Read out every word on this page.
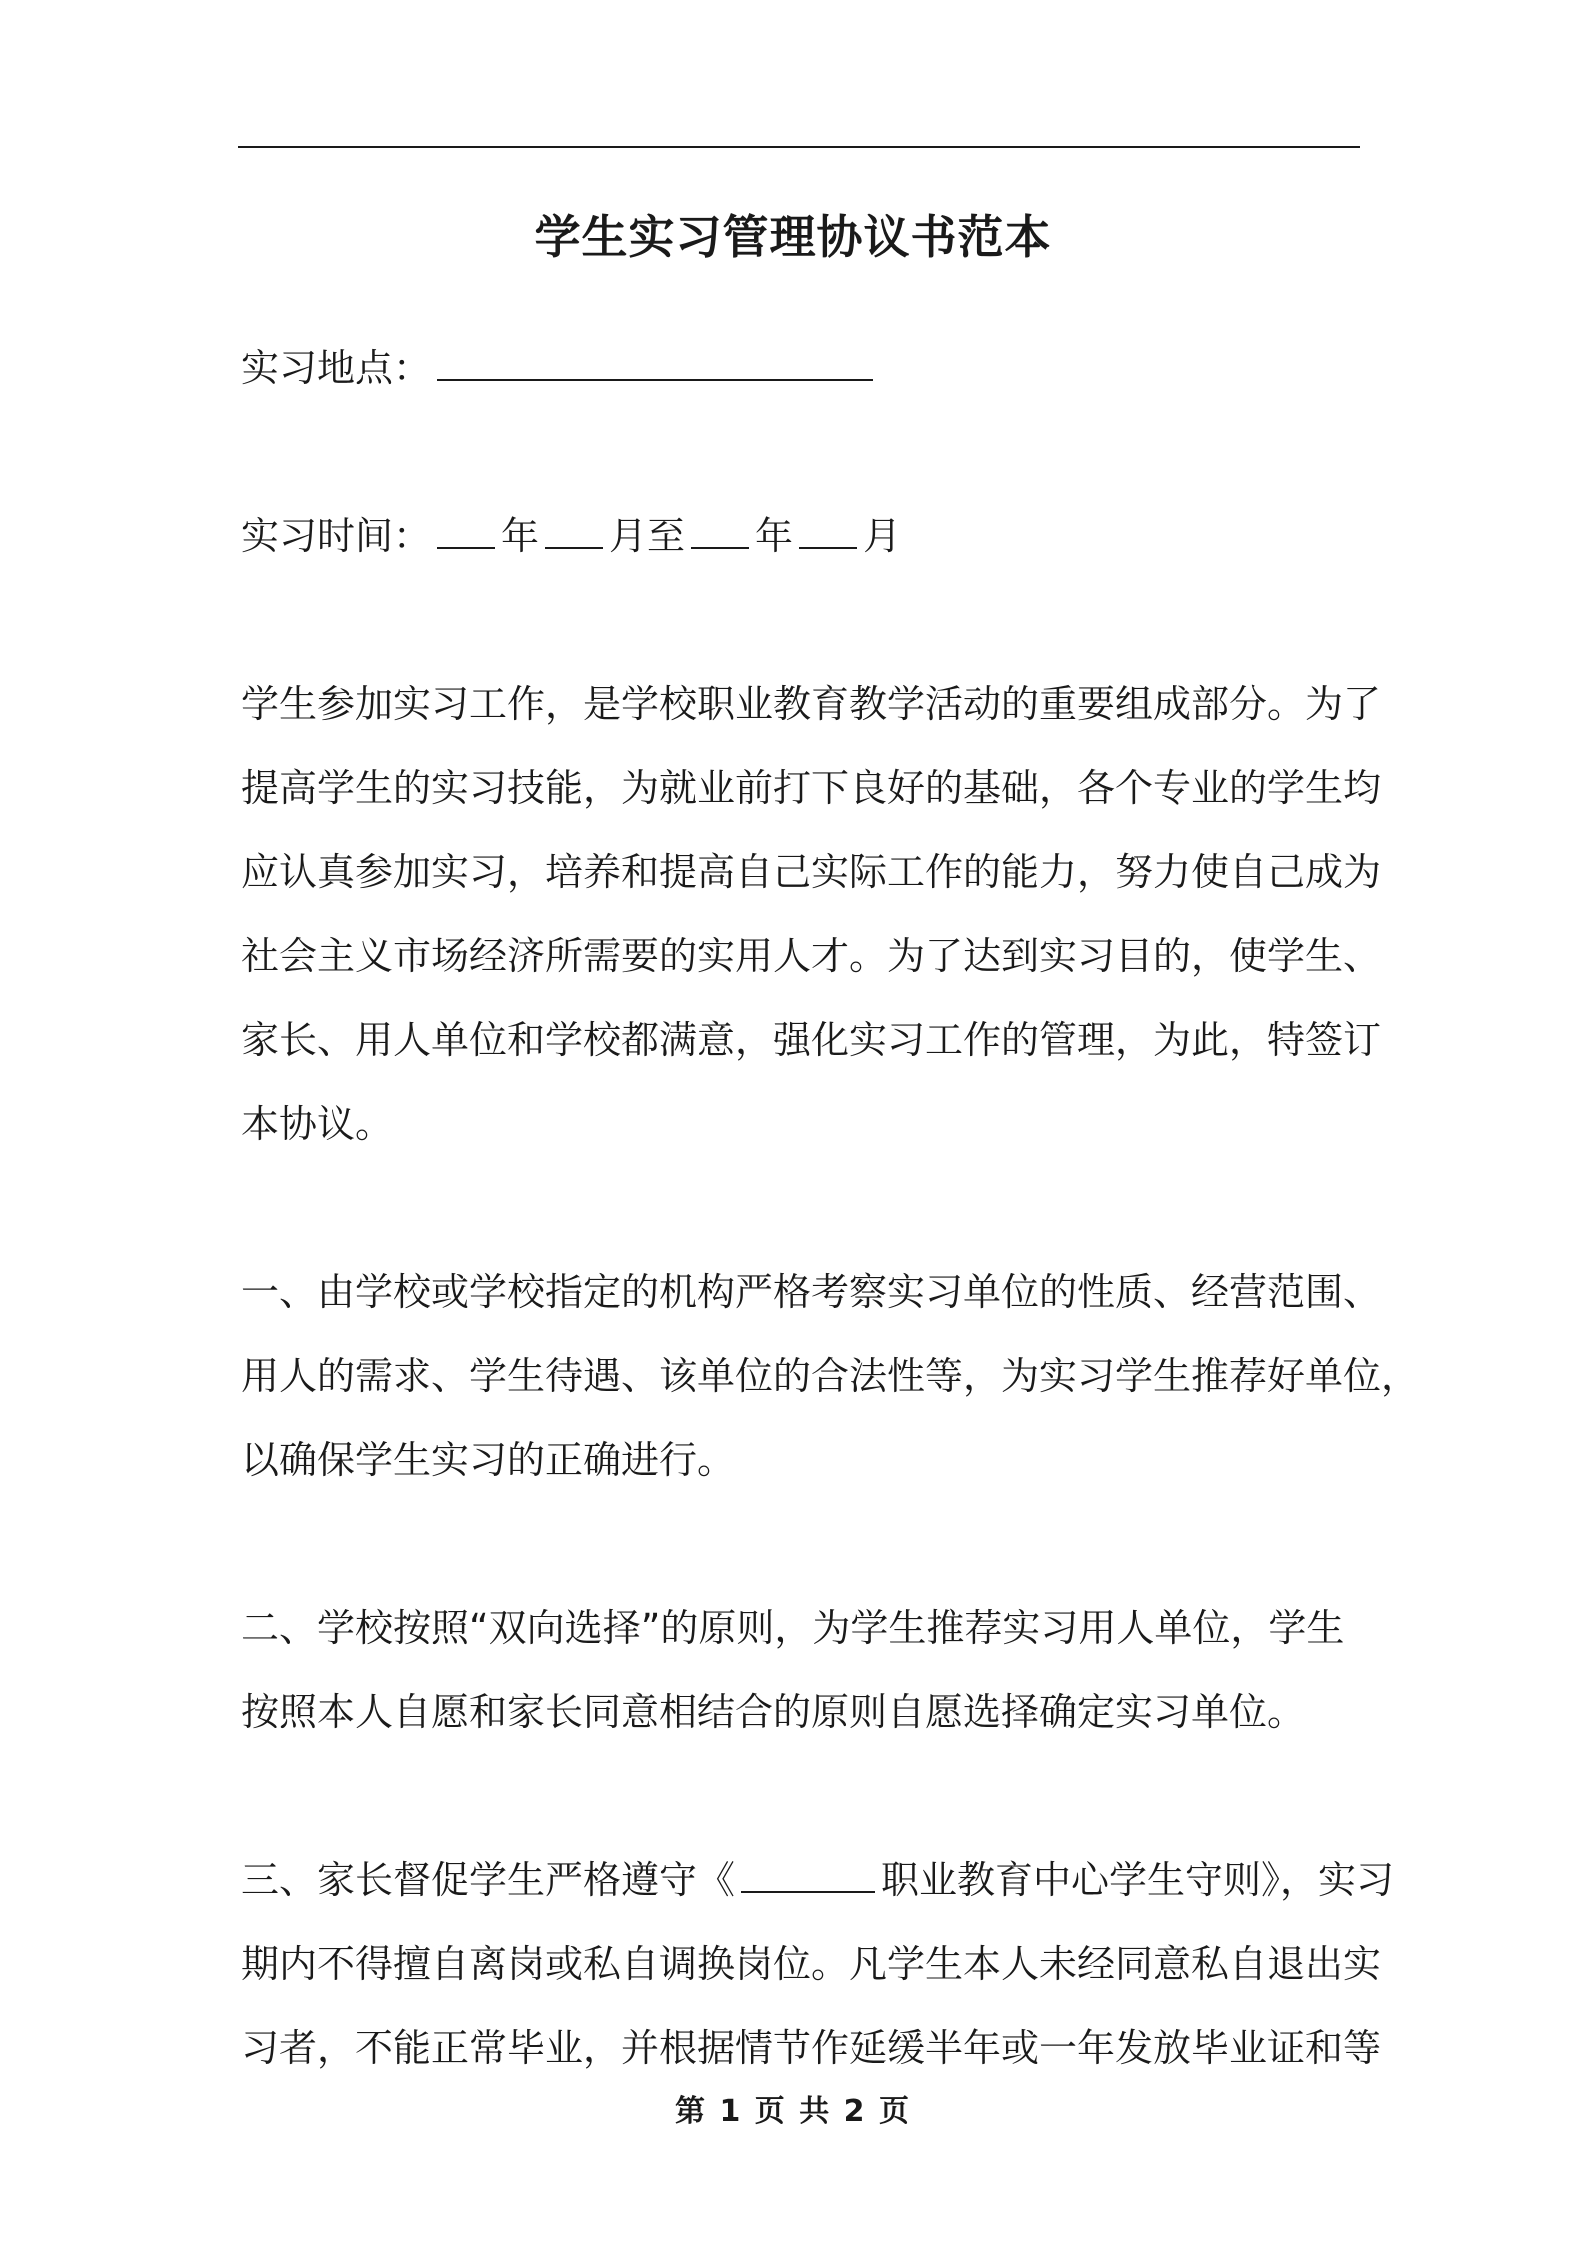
学生实习管理协议书范本
实习地点：
实习时间： 年 月至 年 月
学生参加实习工作，是学校职业教育教学活动的重要组成部分。为了
提高学生的实习技能，为就业前打下良好的基础，各个专业的学生均
应认真参加实习，培养和提高自己实际工作的能力，努力使自己成为
社会主义市场经济所需要的实用人才。为了达到实习目的，使学生、
家长、用人单位和学校都满意，强化实习工作的管理，为此，特签订
本协议。
一、由学校或学校指定的机构严格考察实习单位的性质、经营范围、
用人的需求、学生待遇、该单位的合法性等，为实习学生推荐好单位，
以确保学生实习的正确进行。
二、学校按照“双向选择”的原则，为学生推荐实习用人单位，学生
按照本人自愿和家长同意相结合的原则自愿选择确定实习单位。
三、家长督促学生严格遵守《	职业教育中心学生守则》，实习
期内不得擅自离岗或私自调换岗位。凡学生本人未经同意私自退出实
习者，不能正常毕业，并根据情节作延缓半年或一年发放毕业证和等
第 1 页 共 2 页
